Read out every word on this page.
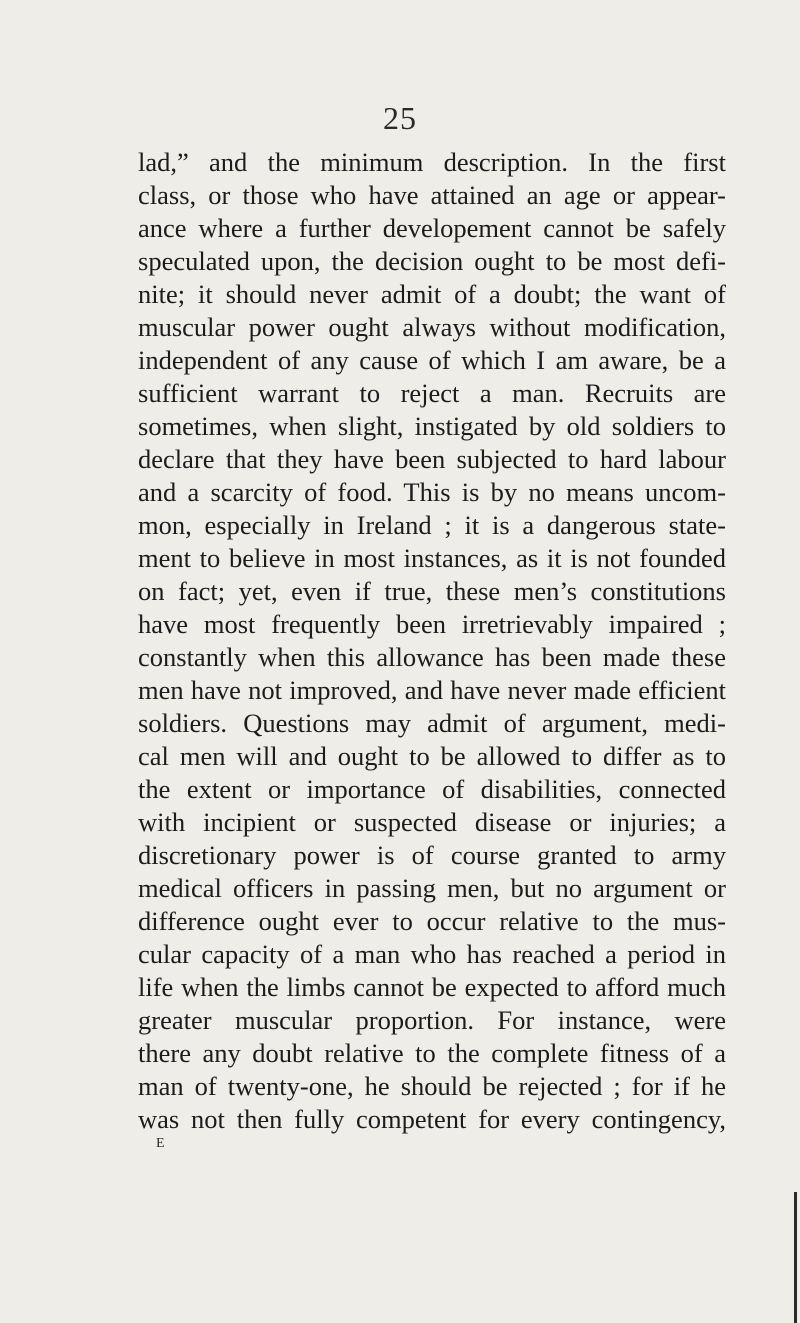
25
lad,” and the minimum description. In the first
class, or those who have attained an age or appear-
ance where a further developement cannot be safely
speculated upon, the decision ought to be most defi-
nite; it should never admit of a doubt; the want of
muscular power ought always without modification,
independent of any cause of which I am aware, be a
sufficient warrant to reject a man. Recruits are
sometimes, when slight, instigated by old soldiers to
declare that they have been subjected to hard labour
and a scarcity of food. This is by no means uncom-
mon, especially in Ireland ; it is a dangerous state-
ment to believe in most instances, as it is not founded
on fact; yet, even if true, these men’s constitutions
have most frequently been irretrievably impaired ;
constantly when this allowance has been made these
men have not improved, and have never made efficient
soldiers. Questions may admit of argument, medi-
cal men will and ought to be allowed to differ as to
the extent or importance of disabilities, connected
with incipient or suspected disease or injuries; a
discretionary power is of course granted to army
medical officers in passing men, but no argument or
difference ought ever to occur relative to the mus-
cular capacity of a man who has reached a period in
life when the limbs cannot be expected to afford much
greater muscular proportion. For instance, were
there any doubt relative to the complete fitness of a
man of twenty-one, he should be rejected ; for if he
was not then fully competent for every contingency,
E
